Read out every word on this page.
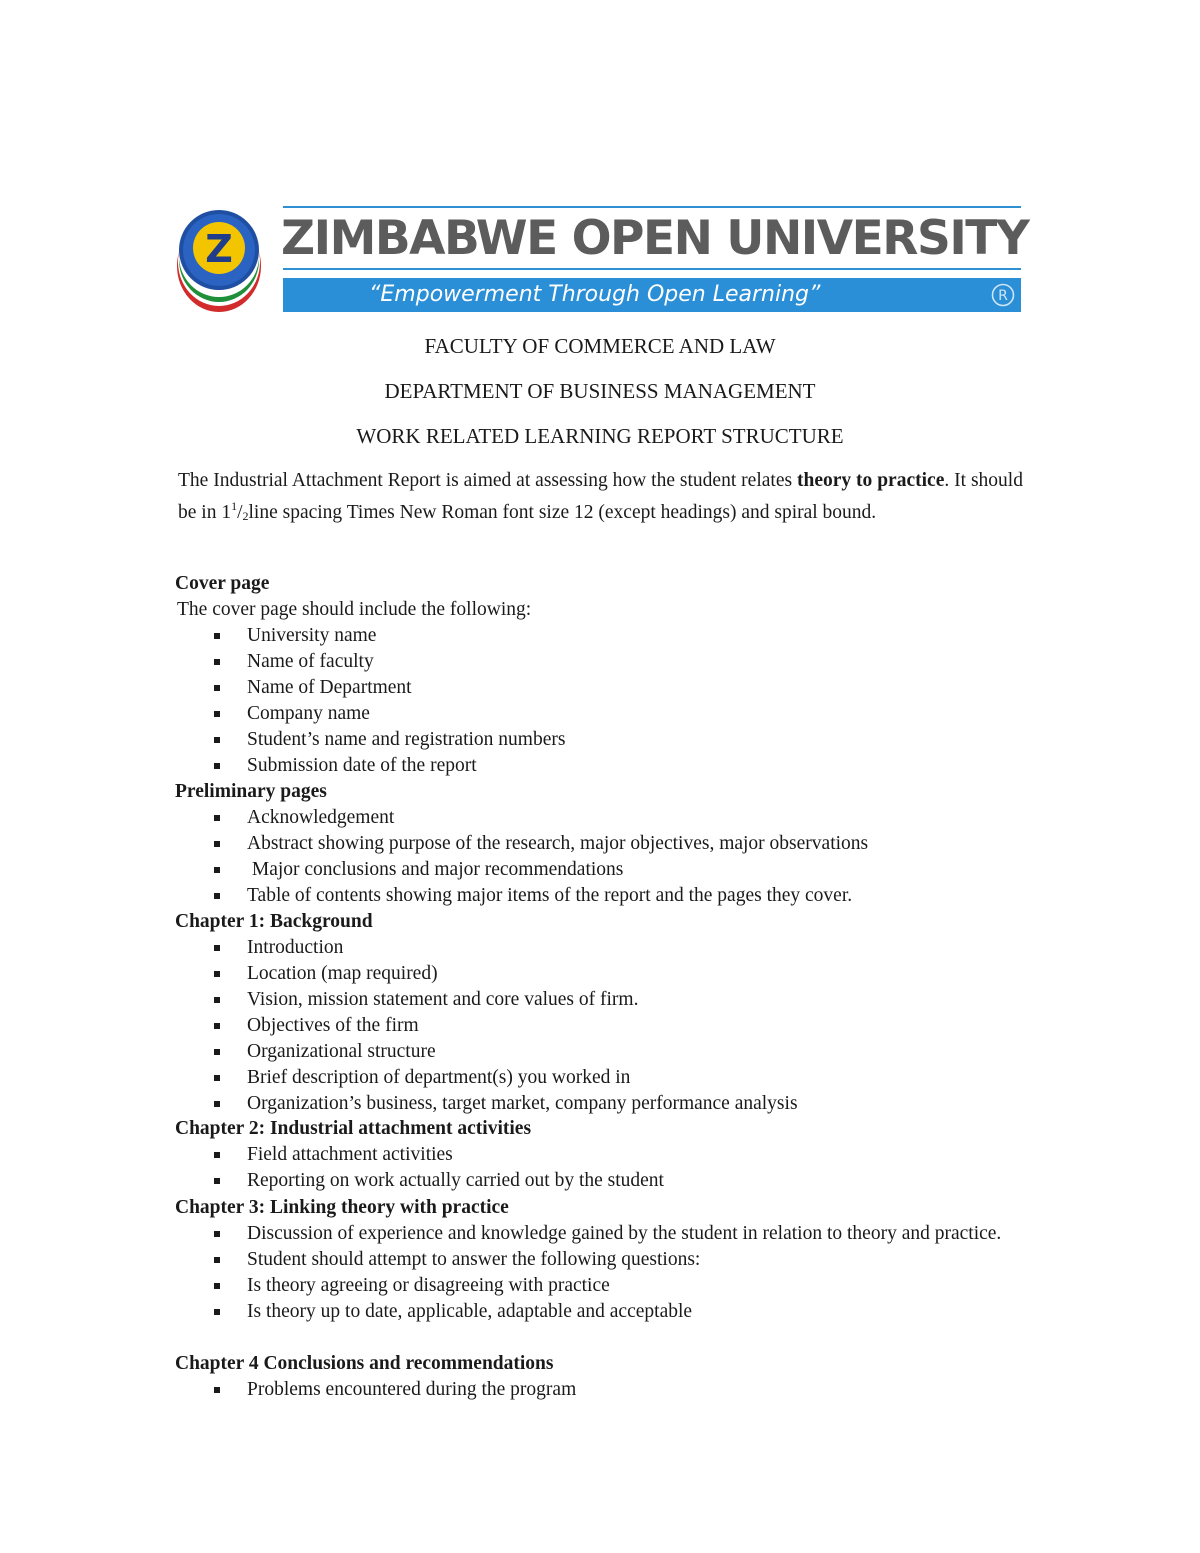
Z ZIMBABWE OPEN UNIVERSITY
“Empowerment Through Open Learning”	R
FACULTY OF COMMERCE AND LAW
DEPARTMENT OF BUSINESS MANAGEMENT
WORK RELATED LEARNING REPORT STRUCTURE
The Industrial Attachment Report is aimed at assessing how the student relates theory to practice. It should be in $1^1/2line$ spacing Times New Roman font size 12 (except headings) and spiral bound.
Cover page
The cover page should include the following:
University name
Name of faculty
Name of Department
Company name
Student’s name and registration numbers
Submission date of the report
Preliminary pages
Acknowledgement
Abstract showing purpose of the research, major objectives, major observations
Major conclusions and major recommendations
Table of contents showing major items of the report and the pages they cover.
Chapter 1: Background
Introduction
Location (map required)
Vision, mission statement and core values of firm.
Objectives of the firm
Organizational structure
Brief description of department(s) you worked in
Organization’s business, target market, company performance analysis
Chapter 2: Industrial attachment activities
Field attachment activities
Reporting on work actually carried out by the student
Chapter 3: Linking theory with practice
Discussion of experience and knowledge gained by the student in relation to theory and practice.
Student should attempt to answer the following questions:
Is theory agreeing or disagreeing with practice
Is theory up to date, applicable, adaptable and acceptable
Chapter 4 Conclusions and recommendations
Problems encountered during the program
